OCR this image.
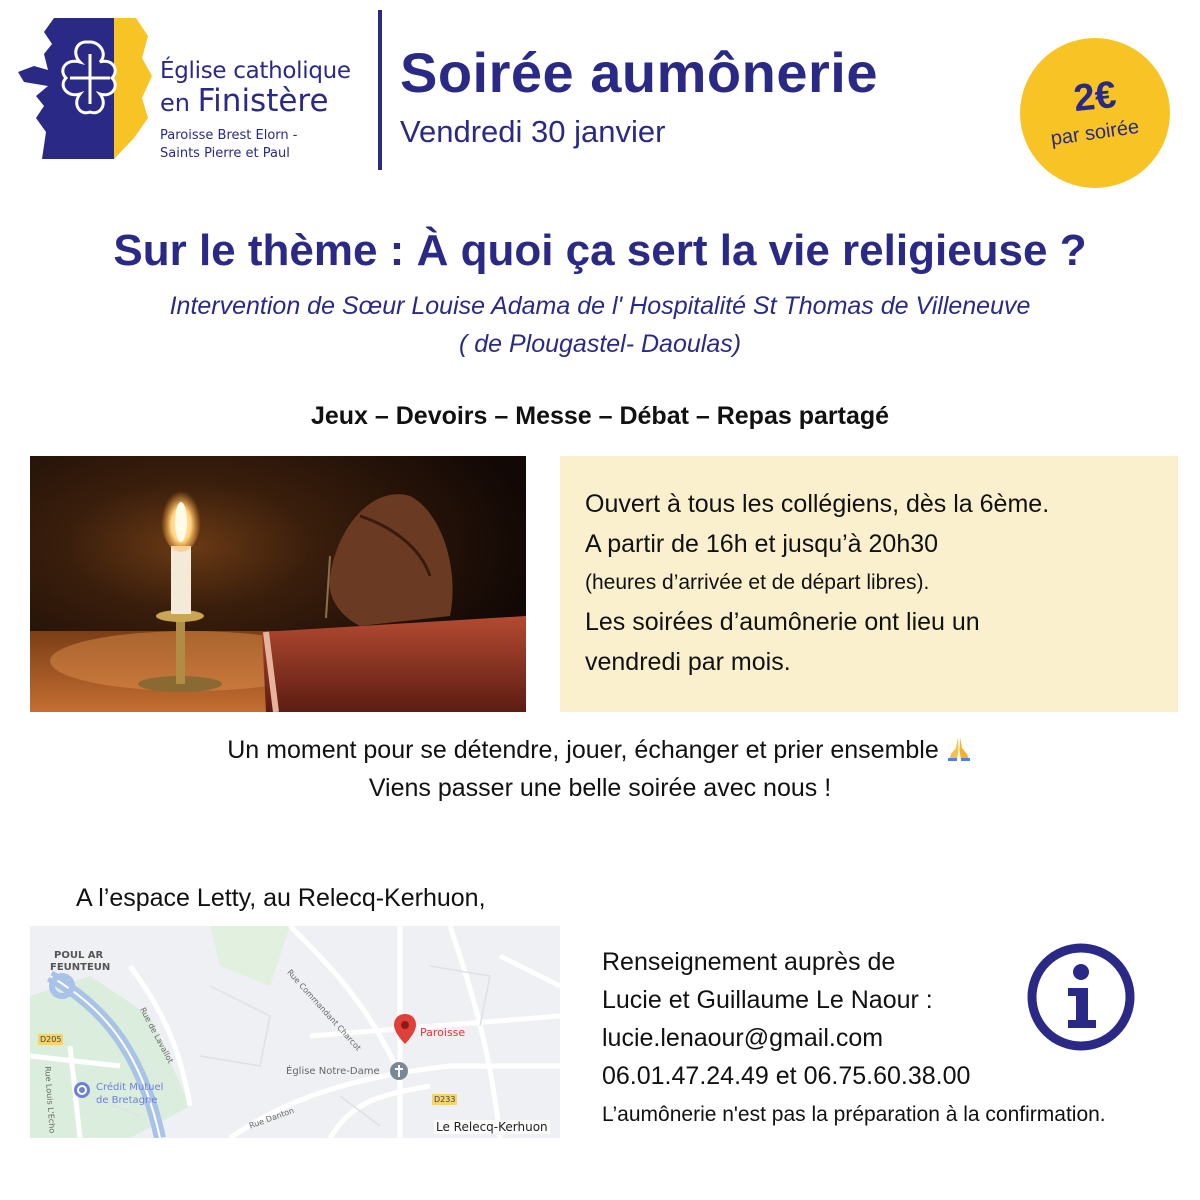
Église catholique
en Finistère
Paroisse Brest Elorn -
Saints Pierre et Paul
Soirée aumônerie
Vendredi 30 janvier
2€
par soirée
Sur le thème : À quoi ça sert la vie religieuse ?
Intervention de Sœur Louise Adama de l' Hospitalité St Thomas de Villeneuve
( de Plougastel- Daoulas)
Jeux – Devoirs – Messe – Débat – Repas partagé
Ouvert à tous les collégiens, dès la 6ème.
A partir de 16h et jusqu’à 20h30
(heures d’arrivée et de départ libres).
Les soirées d’aumônerie ont lieu un
vendredi par mois.
Un moment pour se détendre, jouer, échanger et prier ensemble
Viens passer une belle soirée avec nous !
A l’espace Letty, au Relecq-Kerhuon,
POUL AR
FEUNTEUN
Rue Commandant Charcot
Rue de Lavallot
Rue Louis L'Echo	Rue Danton
D205
D233
Paroisse
Église Notre-Dame
Crédit Mutuel
de Bretagne
Le Relecq-Kerhuon
Renseignement auprès de
Lucie et Guillaume Le Naour :
lucie.lenaour@gmail.com
06.01.47.24.49 et 06.75.60.38.00
L’aumônerie n'est pas la préparation à la confirmation.
